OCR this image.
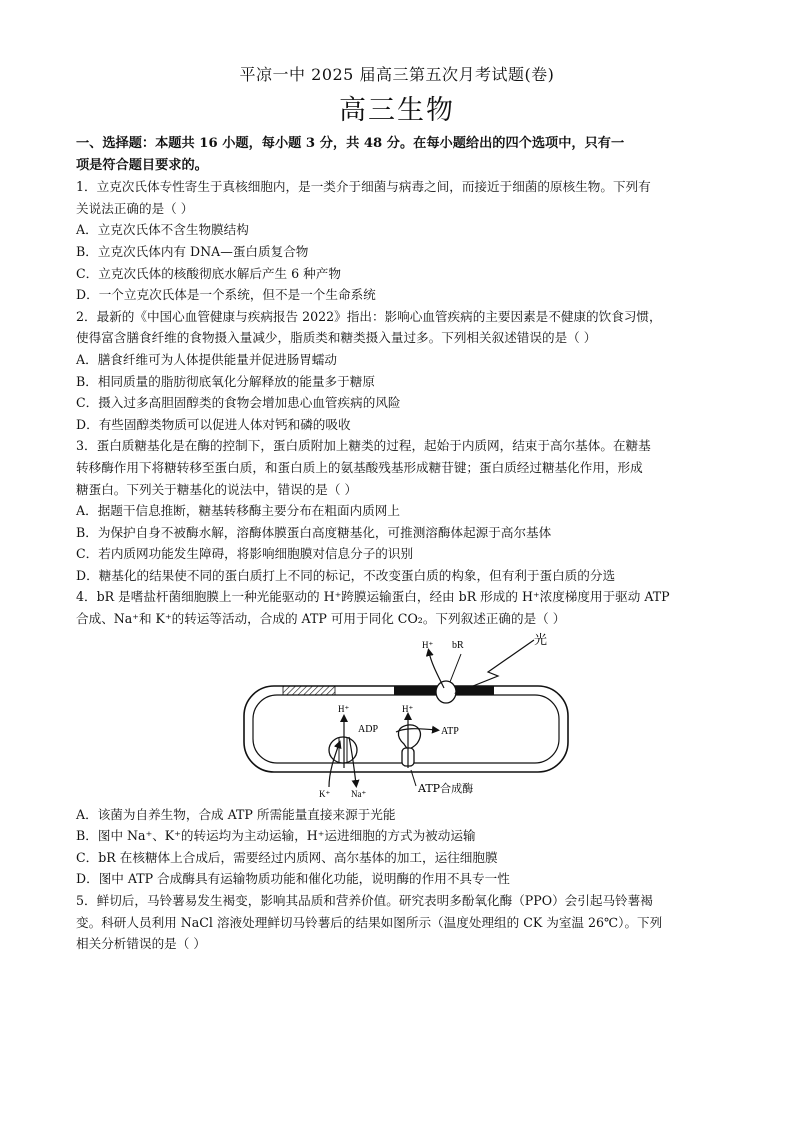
平凉一中 2025 届高三第五次月考试题(卷)
高三生物

一、选择题：本题共 16 小题，每小题 3 分，共 48 分。在每小题给出的四个选项中，只有一

项是符合题目要求的。

1．立克次氏体专性寄生于真核细胞内，是一类介于细菌与病毒之间，而接近于细菌的原核生物。下列有

关说法正确的是（ ）

A．立克次氏体不含生物膜结构

B．立克次氏体内有 DNA—蛋白质复合物

C．立克次氏体的核酸彻底水解后产生 6 种产物

D．一个立克次氏体是一个系统，但不是一个生命系统

2．最新的《中国心血管健康与疾病报告 2022》指出：影响心血管疾病的主要因素是不健康的饮食习惯，

使得富含膳食纤维的食物摄入量减少，脂质类和糖类摄入量过多。下列相关叙述错误的是（ ）

A．膳食纤维可为人体提供能量并促进肠胃蠕动

B．相同质量的脂肪彻底氧化分解释放的能量多于糖原

C．摄入过多高胆固醇类的食物会增加患心血管疾病的风险

D．有些固醇类物质可以促进人体对钙和磷的吸收

3．蛋白质糖基化是在酶的控制下，蛋白质附加上糖类的过程，起始于内质网，结束于高尔基体。在糖基

转移酶作用下将糖转移至蛋白质，和蛋白质上的氨基酸残基形成糖苷键；蛋白质经过糖基化作用，形成

糖蛋白。下列关于糖基化的说法中，错误的是（ ）

A．据题干信息推断，糖基转移酶主要分布在粗面内质网上

B．为保护自身不被酶水解，溶酶体膜蛋白高度糖基化，可推测溶酶体起源于高尔基体

C．若内质网功能发生障碍，将影响细胞膜对信息分子的识别

D．糖基化的结果使不同的蛋白质打上不同的标记，不改变蛋白质的构象，但有利于蛋白质的分选

4．bR 是嗜盐杆菌细胞膜上一种光能驱动的 H⁺跨膜运输蛋白，经由 bR 形成的 H⁺浓度梯度用于驱动 ATP

合成、Na⁺和 K⁺的转运等活动，合成的 ATP 可用于同化 CO₂。下列叙述正确的是（ ）

H⁺ bR	光
H⁺	H⁺
ADP	ATP
K⁺ Na⁺	ATP合成酶

A．该菌为自养生物，合成 ATP 所需能量直接来源于光能

B．图中 Na⁺、K⁺的转运均为主动运输，H⁺运进细胞的方式为被动运输

C．bR 在核糖体上合成后，需要经过内质网、高尔基体的加工，运往细胞膜

D．图中 ATP 合成酶具有运输物质功能和催化功能，说明酶的作用不具专一性

5．鲜切后，马铃薯易发生褐变，影响其品质和营养价值。研究表明多酚氧化酶（PPO）会引起马铃薯褐

变。科研人员利用 NaCl 溶液处理鲜切马铃薯后的结果如图所示（温度处理组的 CK 为室温 26℃）。下列

相关分析错误的是（ ）
